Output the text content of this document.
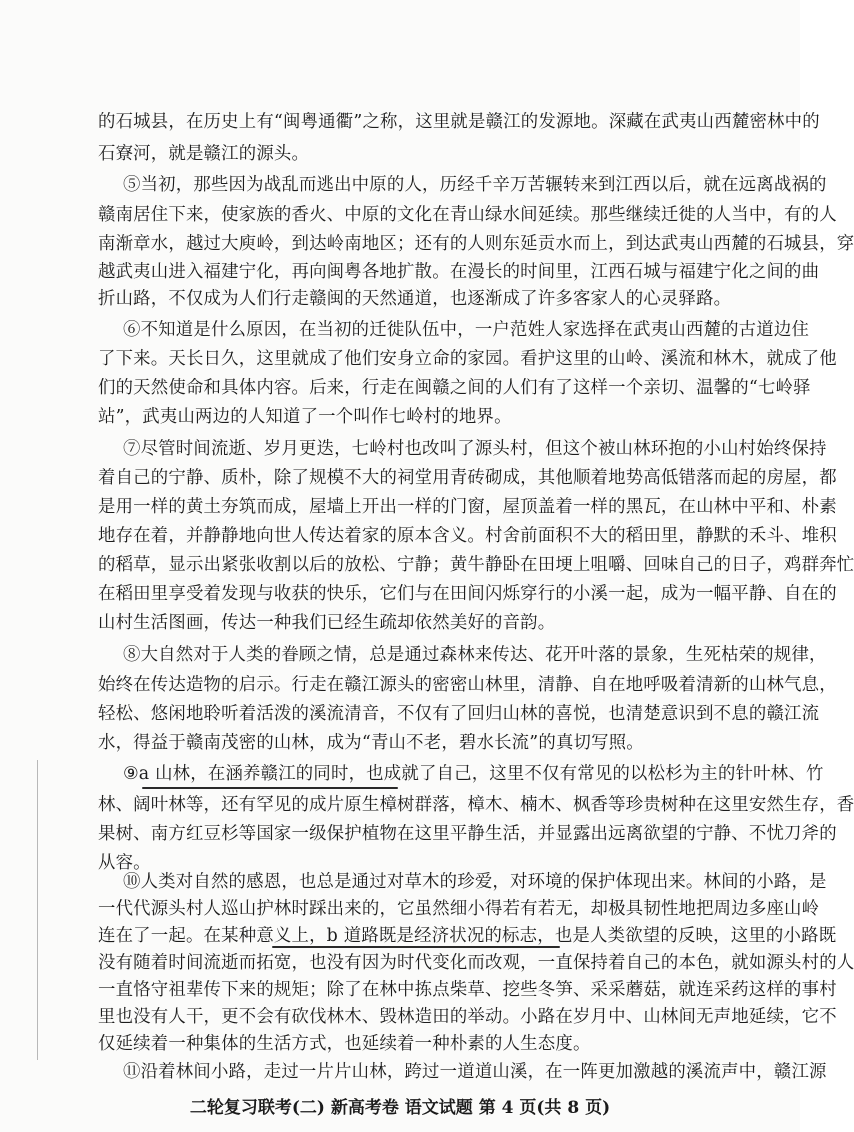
的石城县，在历史上有“闽粤通衢”之称，这里就是赣江的发源地。深藏在武夷山西麓密林中的
石寮河，就是赣江的源头。
⑤当初，那些因为战乱而逃出中原的人，历经千辛万苦辗转来到江西以后，就在远离战祸的
赣南居住下来，使家族的香火、中原的文化在青山绿水间延续。那些继续迁徙的人当中，有的人
南渐章水，越过大庾岭，到达岭南地区；还有的人则东延贡水而上，到达武夷山西麓的石城县，穿
越武夷山进入福建宁化，再向闽粤各地扩散。在漫长的时间里，江西石城与福建宁化之间的曲
折山路，不仅成为人们行走赣闽的天然通道，也逐渐成了许多客家人的心灵驿路。
⑥不知道是什么原因，在当初的迁徙队伍中，一户范姓人家选择在武夷山西麓的古道边住
了下来。天长日久，这里就成了他们安身立命的家园。看护这里的山岭、溪流和林木，就成了他
们的天然使命和具体内容。后来，行走在闽赣之间的人们有了这样一个亲切、温馨的“七岭驿
站”，武夷山两边的人知道了一个叫作七岭村的地界。
⑦尽管时间流逝、岁月更迭，七岭村也改叫了源头村，但这个被山林环抱的小山村始终保持
着自己的宁静、质朴，除了规模不大的祠堂用青砖砌成，其他顺着地势高低错落而起的房屋，都
是用一样的黄土夯筑而成，屋墙上开出一样的门窗，屋顶盖着一样的黑瓦，在山林中平和、朴素
地存在着，并静静地向世人传达着家的原本含义。村舍前面积不大的稻田里，静默的禾斗、堆积
的稻草，显示出紧张收割以后的放松、宁静；黄牛静卧在田埂上咀嚼、回味自己的日子，鸡群奔忙
在稻田里享受着发现与收获的快乐，它们与在田间闪烁穿行的小溪一起，成为一幅平静、自在的
山村生活图画，传达一种我们已经生疏却依然美好的音韵。
⑧大自然对于人类的眷顾之情，总是通过森林来传达、花开叶落的景象，生死枯荣的规律，
始终在传达造物的启示。行走在赣江源头的密密山林里，清静、自在地呼吸着清新的山林气息，
轻松、悠闲地聆听着活泼的溪流清音，不仅有了回归山林的喜悦，也清楚意识到不息的赣江流
水，得益于赣南茂密的山林，成为“青山不老，碧水长流”的真切写照。
⑨a 山林，在涵养赣江的同时，也成就了自己，这里不仅有常见的以松杉为主的针叶林、竹
林、阔叶林等，还有罕见的成片原生樟树群落，樟木、楠木、枫香等珍贵树种在这里安然生存，香
果树、南方红豆杉等国家一级保护植物在这里平静生活，并显露出远离欲望的宁静、不忧刀斧的
从容。
⑩人类对自然的感恩，也总是通过对草木的珍爱，对环境的保护体现出来。林间的小路，是
一代代源头村人巡山护林时踩出来的，它虽然细小得若有若无，却极具韧性地把周边多座山岭
连在了一起。在某种意义上，b 道路既是经济状况的标志，也是人类欲望的反映，这里的小路既
没有随着时间流逝而拓宽，也没有因为时代变化而改观，一直保持着自己的本色，就如源头村的人
一直恪守祖辈传下来的规矩；除了在林中拣点柴草、挖些冬笋、采采蘑菇，就连采药这样的事村
里也没有人干，更不会有砍伐林木、毁林造田的举动。小路在岁月中、山林间无声地延续，它不
仅延续着一种集体的生活方式，也延续着一种朴素的人生态度。
⑪沿着林间小路，走过一片片山林，跨过一道道山溪，在一阵更加激越的溪流声中，赣江源
二轮复习联考(二) 新高考卷 语文试题 第 4 页(共 8 页)
